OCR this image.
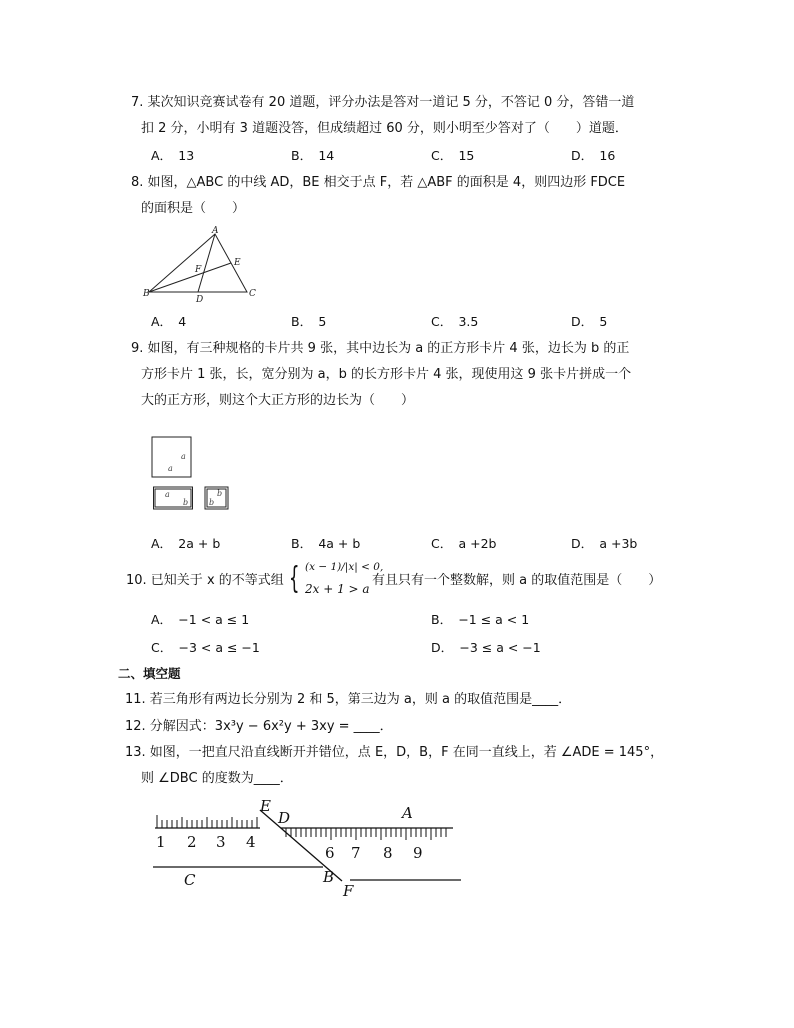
7. 某次知识竞赛试卷有 20 道题，评分办法是答对一道记 5 分，不答记 0 分，答错一道
扣 2 分，小明有 3 道题没答，但成绩超过 60 分，则小明至少答对了（　　）道题．
A．　13	B．　14	C．　15	D．　16
8. 如图，△ABC 的中线 AD，BE 相交于点 F，若 △ABF 的面积是 4，则四边形 FDCE
的面积是（　　）
A
B	C
D
E
F
A．　4	B．　5	C．　3.5	D．　5
9. 如图，有三种规格的卡片共 9 张，其中边长为 a 的正方形卡片 4 张，边长为 b 的正
方形卡片 1 张，长，宽分别为 a，b 的长方形卡片 4 张，现使用这 9 张卡片拼成一个
大的正方形，则这个大正方形的边长为（　　）
a
a
a
b
b
b
A．　2a + b	B．　4a + b	C．　a +2b	D．　a +3b
10. 已知关于 x 的不等式组 { (x − 1)/|x| < 0,
2x + 1 > a
有且只有一个整数解，则 a 的取值范围是（　　）
A．　−1 < a ≤ 1	B．　−1 ≤ a < 1
C．　−3 < a ≤ −1	D．　−3 ≤ a < −1
二、填空题
11. 若三角形有两边长分别为 2 和 5，第三边为 a，则 a 的取值范围是____．
12. 分解因式：3x³y − 6x²y + 3xy = ____．
13. 如图，一把直尺沿直线断开并错位，点 E，D，B，F 在同一直线上，若 ∠ADE = 145°，
则 ∠DBC 的度数为____．
E
D	A
1 2 3 4
6 7 8 9
C	B
F
